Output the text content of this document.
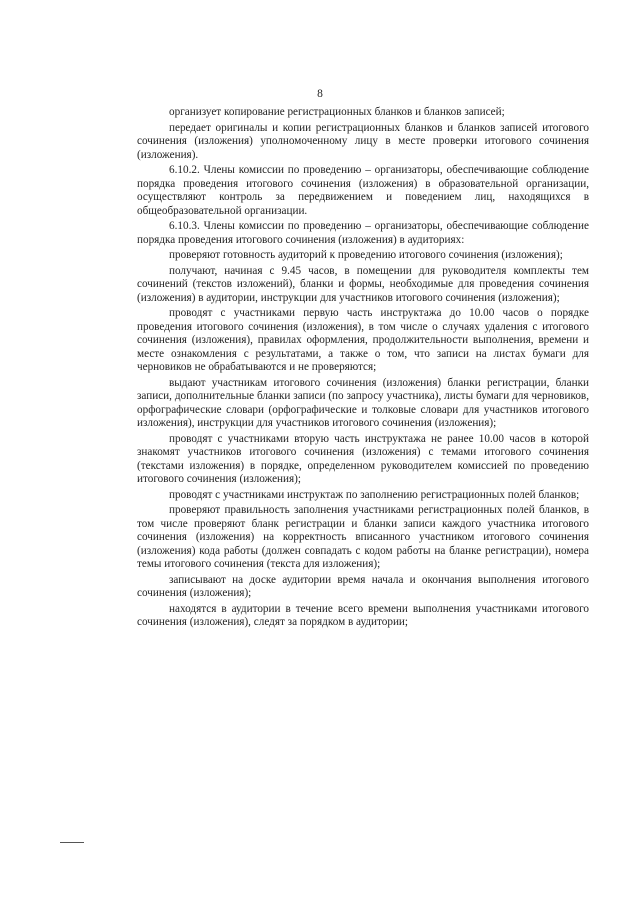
8

организует копирование регистрационных бланков и бланков записей;

передает оригиналы и копии регистрационных бланков и бланков записей итогового сочинения (изложения) уполномоченному лицу в месте проверки итогового сочинения (изложения).

6.10.2. Члены комиссии по проведению – организаторы, обеспечивающие соблюдение порядка проведения итогового сочинения (изложения) в образовательной организации, осуществляют контроль за передвижением и поведением лиц, находящихся в общеобразовательной организации.

6.10.3. Члены комиссии по проведению – организаторы, обеспечивающие соблюдение порядка проведения итогового сочинения (изложения) в аудиториях:

проверяют готовность аудиторий к проведению итогового сочинения (изложения);

получают, начиная с 9.45 часов, в помещении для руководителя комплекты тем сочинений (текстов изложений), бланки и формы, необходимые для проведения сочинения (изложения) в аудитории, инструкции для участников итогового сочинения (изложения);

проводят с участниками первую часть инструктажа до 10.00 часов о порядке проведения итогового сочинения (изложения), в том числе о случаях удаления с итогового сочинения (изложения), правилах оформления, продолжительности выполнения, времени и месте ознакомления с результатами, а также о том, что записи на листах бумаги для черновиков не обрабатываются и не проверяются;

выдают участникам итогового сочинения (изложения) бланки регистрации, бланки записи, дополнительные бланки записи (по запросу участника), листы бумаги для черновиков, орфографические словари (орфографические и толковые словари для участников итогового изложения), инструкции для участников итогового сочинения (изложения);

проводят с участниками вторую часть инструктажа не ранее 10.00 часов в которой знакомят участников итогового сочинения (изложения) с темами итогового сочинения (текстами изложения) в порядке, определенном руководителем комиссией по проведению итогового сочинения (изложения);

проводят с участниками инструктаж по заполнению регистрационных полей бланков;

проверяют правильность заполнения участниками регистрационных полей бланков, в том числе проверяют бланк регистрации и бланки записи каждого участника итогового сочинения (изложения) на корректность вписанного участником итогового сочинения (изложения) кода работы (должен совпадать с кодом работы на бланке регистрации), номера темы итогового сочинения (текста для изложения);

записывают на доске аудитории время начала и окончания выполнения итогового сочинения (изложения);

находятся в аудитории в течение всего времени выполнения участниками итогового сочинения (изложения), следят за порядком в аудитории;
